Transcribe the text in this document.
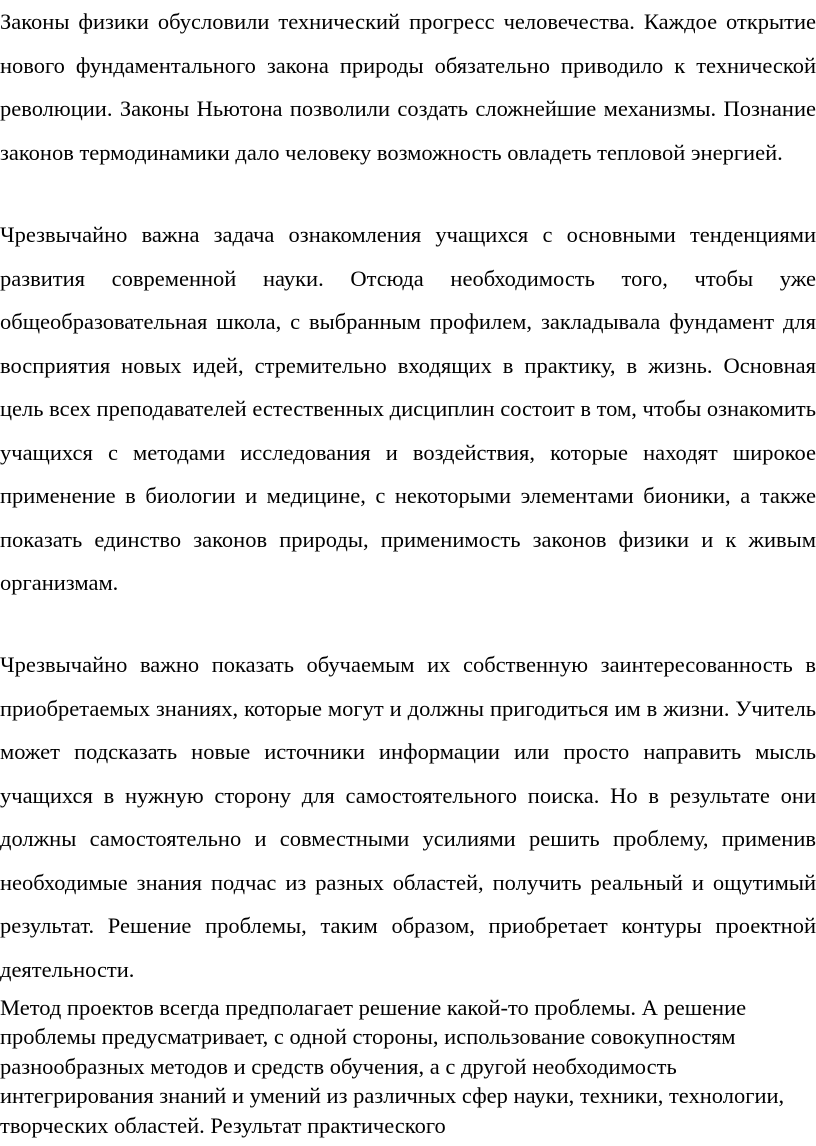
Законы физики обусловили технический прогресс человечества. Каждое открытие нового фундаментального закона природы обязательно приводило к технической революции. Законы Ньютона позволили создать сложнейшие механизмы. Познание законов термодинамики дало человеку возможность овладеть тепловой энергией.

Чрезвычайно важна задача ознакомления учащихся с основными тенденциями развития современной науки. Отсюда необходимость того, чтобы уже общеобразовательная школа, с выбранным профилем, закладывала фундамент для восприятия новых идей, стремительно входящих в практику, в жизнь. Основная цель всех преподавателей естественных дисциплин состоит в том, чтобы ознакомить учащихся с методами исследования и воздействия, которые находят широкое применение в биологии и медицине, с некоторыми элементами бионики, а также показать единство законов природы, применимость законов физики и к живым организмам.

Чрезвычайно важно показать обучаемым их собственную заинтересованность в приобретаемых знаниях, которые могут и должны пригодиться им в жизни. Учитель может подсказать новые источники информации или просто направить мысль учащихся в нужную сторону для самостоятельного поиска. Но в результате они должны самостоятельно и совместными усилиями решить проблему, применив необходимые знания подчас из разных областей, получить реальный и ощутимый результат. Решение проблемы, таким образом, приобретает контуры проектной деятельности.

Метод проектов всегда предполагает решение какой-то проблемы. А решение проблемы предусматривает, с одной стороны, использование совокупностям разнообразных методов и средств обучения, а с другой необходимость интегрирования знаний и умений из различных сфер науки, техники, технологии, творческих областей. Результат практического
